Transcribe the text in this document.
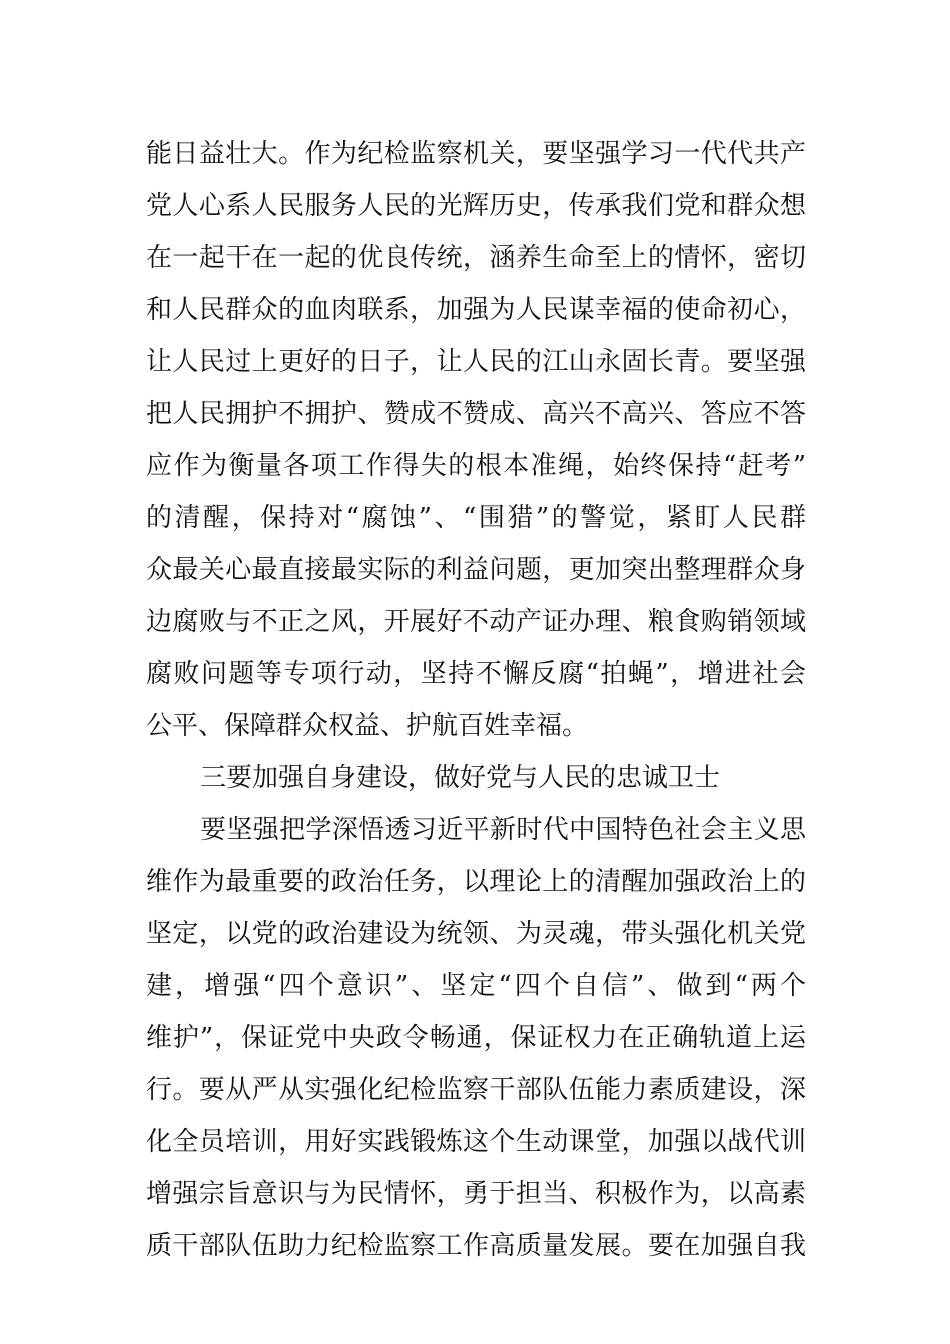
能日益壮大。作为纪检监察机关，要坚强学习一代代共产
党人心系人民服务人民的光辉历史，传承我们党和群众想
在一起干在一起的优良传统，涵养生命至上的情怀，密切
和人民群众的血肉联系，加强为人民谋幸福的使命初心，
让人民过上更好的日子，让人民的江山永固长青。要坚强
把人民拥护不拥护、赞成不赞成、高兴不高兴、答应不答
应作为衡量各项工作得失的根本准绳，始终保持“赶考”
的清醒，保持对“腐蚀”、“围猎”的警觉，紧盯人民群
众最关心最直接最实际的利益问题，更加突出整理群众身
边腐败与不正之风，开展好不动产证办理、粮食购销领域
腐败问题等专项行动，坚持不懈反腐“拍蝇”，增进社会
公平、保障群众权益、护航百姓幸福。
三要加强自身建设，做好党与人民的忠诚卫士
要坚强把学深悟透习近平新时代中国特色社会主义思
维作为最重要的政治任务，以理论上的清醒加强政治上的
坚定，以党的政治建设为统领、为灵魂，带头强化机关党
建，增强“四个意识”、坚定“四个自信”、做到“两个
维护”，保证党中央政令畅通，保证权力在正确轨道上运
行。要从严从实强化纪检监察干部队伍能力素质建设，深
化全员培训，用好实践锻炼这个生动课堂，加强以战代训
增强宗旨意识与为民情怀，勇于担当、积极作为，以高素
质干部队伍助力纪检监察工作高质量发展。要在加强自我
